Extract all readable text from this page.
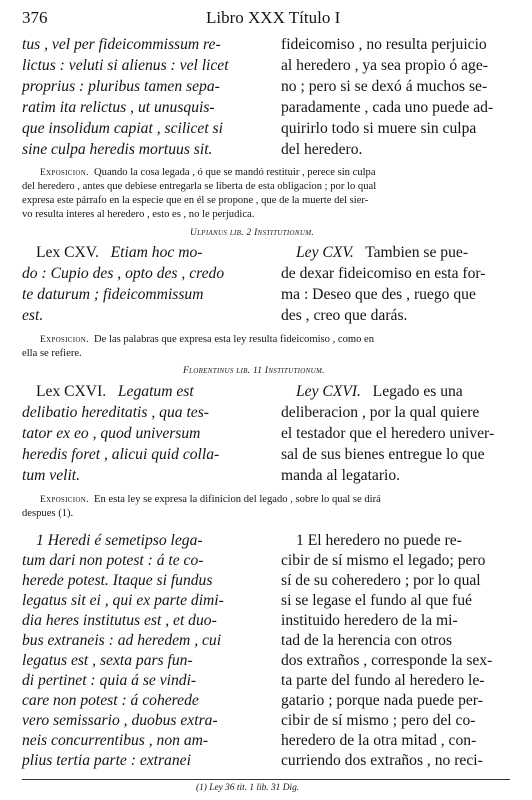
376	Libro XXX Título I
tus , vel per fideicommissum re-
lictus : veluti si alienus : vel licet
proprius : pluribus tamen sepa-
ratim ita relictus , ut unusquis-
que insolidum capiat , scilicet si
sine culpa heredis mortuus sit.
fideicomiso , no resulta perjuicio
al heredero , ya sea propio ó age-
no ; pero si se dexó á muchos se-
paradamente , cada uno puede ad-
quirirlo todo si muere sin culpa
del heredero.
Exposicion. Quando la cosa legada , ó que se mandó restituir , perece sin culpa
del heredero , antes que debiese entregarla se liberta de esta obligacion ; por lo qual
expresa este párrafo en la especie que en él se propone , que de la muerte del sier-
vo resulta interes al heredero , esto es , no le perjudica.
Ulpianus lib. 2 Institutionum.
Lex CXV. Etiam hoc mo-
do : Cupio des , opto des , credo
te daturum ; fideicommissum
est.
Ley CXV. Tambien se pue-
de dexar fideicomiso en esta for-
ma : Deseo que des , ruego que
des , creo que darás.
Exposicion. De las palabras que expresa esta ley resulta fideicomiso , como en
ella se refiere.
Florentinus lib. 11 Institutionum.
Lex CXVI. Legatum est
delibatio hereditatis , qua tes-
tator ex eo , quod universum
heredis foret , alicui quid colla-
tum velit.
Ley CXVI. Legado es una
deliberacion , por la qual quiere
el testador que el heredero univer-
sal de sus bienes entregue lo que
manda al legatario.
Exposicion. En esta ley se expresa la difinicion del legado , sobre lo qual se dirá
despues (1).
1 Heredi é semetipso lega-
tum dari non potest : á te co-
herede potest. Itaque si fundus
legatus sit ei , qui ex parte dimi-
dia heres institutus est , et duo-
bus extraneis : ad heredem , cui
legatus est , sexta pars fun-
di pertinet : quia á se vindi-
care non potest : á coherede
vero semissario , duobus extra-
neis concurrentibus , non am-
plius tertia parte : extranei
1 El heredero no puede re-
cibir de sí mismo el legado; pero
sí de su coheredero ; por lo qual
si se legase el fundo al que fué
instituido heredero de la mi-
tad de la herencia con otros
dos extraños , corresponde la sex-
ta parte del fundo al heredero le-
gatario ; porque nada puede per-
cibir de sí mismo ; pero del co-
heredero de la otra mitad , con-
curriendo dos extraños , no reci-
(1) Ley 36 tit. 1 lib. 31 Dig.
